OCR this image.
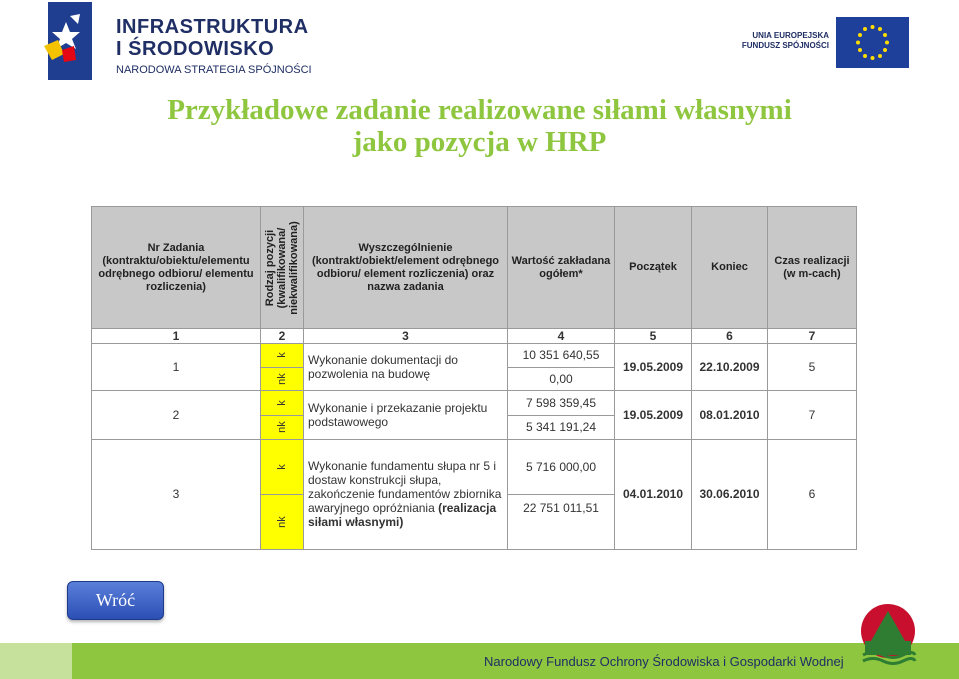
INFRASTRUKTURA
I ŚRODOWISKO
NARODOWA STRATEGIA SPÓJNOŚCI
UNIA EUROPEJSKA
FUNDUSZ SPÓJNOŚCI
Przykładowe zadanie realizowane siłami własnymi
jako pozycja w HRP
Nr Zadania (kontraktu/obiektu/elementu odrębnego odbioru/ elementu rozliczenia)	Rodzaj pozycji (kwalifikowana/ niekwalifikowana)	Wyszczególnienie (kontrakt/obiekt/element odrębnego odbioru/ element rozliczenia) oraz nazwa zadania	Wartość zakładana ogółem*	Początek	Koniec	Czas realizacji (w m-cach)
1	2	3	4	5	6	7
1	k	Wykonanie dokumentacji do pozwolenia na budowę	10 351 640,55	19.05.2009	22.10.2009	5
	nk		0,00			
2	k	Wykonanie i przekazanie projektu podstawowego	7 598 359,45	19.05.2009	08.01.2010	7
	nk		5 341 191,24			
3	k	Wykonanie fundamentu słupa nr 5 i dostaw konstrukcji słupa, zakończenie fundamentów zbiornika awaryjnego opróżniania (realizacja siłami własnymi)	5 716 000,00	04.01.2010	30.06.2010	6
	nk		22 751 011,51			
Wróć
Narodowy Fundusz Ochrony Środowiska i Gospodarki Wodnej
